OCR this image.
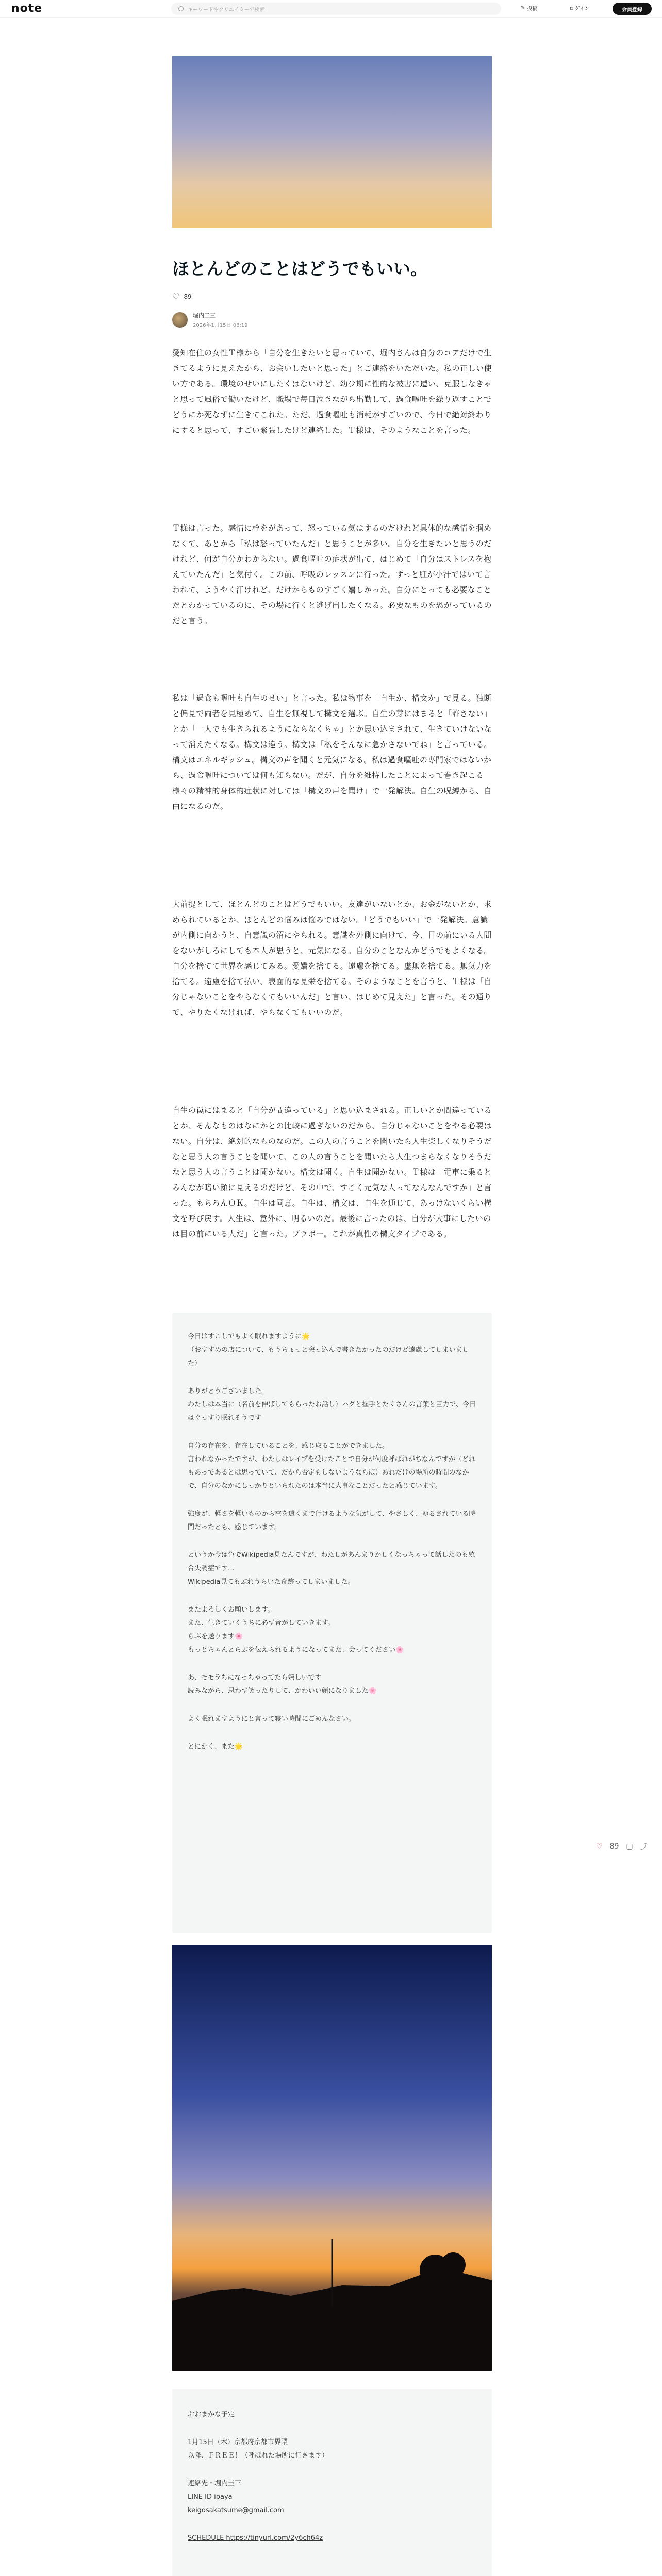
note	キーワードやクリエイターで検索	✎ 投稿	ログイン	会員登録
ほとんどのことはどうでもいい。
♡ 89
堀内圭三
2026年1月15日 06:19
愛知在住の女性Ｔ様から「自分を生きたいと思っていて、堀内さんは自分のコアだけで生きてるように見えたから、お会いしたいと思った」とご連絡をいただいた。私の正しい使い方である。環境のせいにしたくはないけど、幼少期に性的な被害に遭い、克服しなきゃと思って風俗で働いたけど、職場で毎日泣きながら出勤して、過食嘔吐を繰り返すことでどうにか死なずに生きてこれた。ただ、過食嘔吐も消耗がすごいので、今日で絶対終わりにすると思って、すごい緊張したけど連絡した。Ｔ様は、そのようなことを言った。
Ｔ様は言った。感情に栓をがあって、怒っている気はするのだけれど具体的な感情を掴めなくて、あとから「私は怒っていたんだ」と思うことが多い。自分を生きたいと思うのだけれど、何が自分かわからない。過食嘔吐の症状が出て、はじめて「自分はストレスを抱えていたんだ」と気付く。この前、呼吸のレッスンに行った。ずっと肛が小汗ではいて言われて、ようやく汗けれど、だけからものすごく嬉しかった。自分にとっても必要なことだとわかっているのに、その場に行くと逃げ出したくなる。必要なものを恐がっているのだと言う。
私は「過食も嘔吐も自生のせい」と言った。私は物事を「自生か、構文か」で見る。独断と偏見で両者を見極めて、自生を無視して構文を選ぶ。自生の芽にはまると「許さない」とか「一人でも生きられるようにならなくちゃ」とか思い込まされて、生きていけないなって消えたくなる。構文は違う。構文は「私をそんなに急かさないでね」と言っている。構文はエネルギッシュ。構文の声を聞くと元気になる。私は過食嘔吐の専門家ではないから、過食嘔吐については何も知らない。だが、自分を維持したことによって巻き起こる様々の精神的身体的症状に対しては「構文の声を聞け」で一発解決。自生の呪縛から、自由になるのだ。
大前提として、ほとんどのことはどうでもいい。友達がいないとか、お金がないとか、求められているとか、ほとんどの悩みは悩みではない。「どうでもいい」で一発解決。意識が内側に向かうと、自意識の沼にやられる。意識を外側に向けて、今、目の前にいる人間をないがしろにしても本人が思うと、元気になる。自分のことなんかどうでもよくなる。自分を捨てて世界を感じてみる。愛嬌を捨てる。遠慮を捨てる。虚無を捨てる。無気力を捨てる。遠慮を捨て払い、表面的な見栄を捨てる。そのようなことを言うと、Ｔ様は「自分じゃないことをやらなくてもいいんだ」と言い、はじめて見えた」と言った。その通りで、やりたくなければ、やらなくてもいいのだ。
自生の罠にはまると「自分が間違っている」と思い込まされる。正しいとか間違っているとか、そんなものはなにかとの比較に過ぎないのだから、自分じゃないことをやる必要はない。自分は、絶対的なものなのだ。この人の言うことを聞いたら人生楽しくなりそうだなと思う人の言うことを聞いて、この人の言うことを聞いたら人生つまらなくなりそうだなと思う人の言うことは聞かない。構文は聞く。自生は聞かない。Ｔ様は「電車に乗るとみんなが暗い顔に見えるのだけど、その中で、すごく元気な人ってなんなんですか」と言った。もちろんＯＫ。自生は同意。自生は、構文は、自生を通じて、あっけないくらい構文を呼び戻す。人生は、意外に、明るいのだ。最後に言ったのは、自分が大事にしたいのは目の前にいる人だ」と言った。ブラボー。これが真性の構文タイプである。

今日はすこしでもよく眠れますように🌟
（おすすめの店について、もうちょっと突っ込んで書きたかったのだけど遠慮してしまいました）

ありがとうございました。
わたしは本当に（名前を伸ばしてもらったお話し）ハグと握手とたくさんの言葉と臣力で、今日はぐっすり眠れそうです

自分の存在を、存在していることを、感じ取ることができました。
言われなかったですが、わたしはレイプを受けたことで自分が何度呼ばれがちなんですが（どれもあっであるとは思っていて、だから否定もしないようならば）あれだけの場所の時間のなかで、自分のなかにしっかりといられたのは本当に大事なことだったと感じています。

強度が、軽さを軽いものから空を遠くまで行けるような気がして、やさしく、ゆるされている時間だったとも、感じています。

というか今は色でWikipedia見たんですが、わたしがあんまりかしくなっちゃって話したのも統合失調症です…
Wikipedia見てもぶれうらいた奇跡ってしまいました。

またよろしくお願いします。
また、生きていくうちに必ず音がしていきます。
らぶを送ります🌸
もっとちゃんとらぶを伝えられるようになってまた、会ってください🌸

あ、モモラちになっちゃってたら嬉しいです
読みながら、思わず笑ったりして、かわいい顔になりました🌸

よく眠れますようにと言って寝い時間にごめんなさい。

とにかく、また🌟

おおまかな予定

1月15日（木）京都府京都市界隈
以降、ＦＲＥＥ！（呼ばれた場所に行きます）

連絡先・堀内圭三
LINE ID ibaya
keigosakatsume@gmail.com

SCHEDULE https://tinyurl.com/2y6ch64z

♡ 89 ▢ ⤴
